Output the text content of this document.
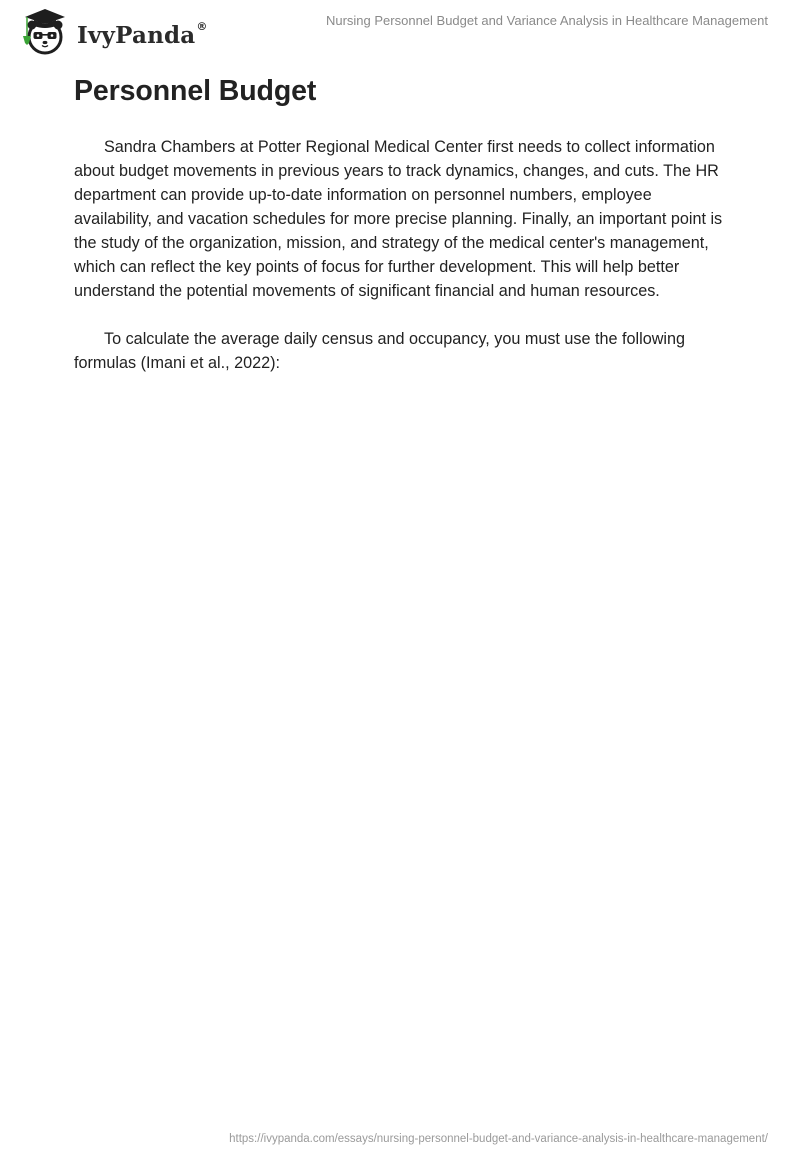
IvyPanda®	Nursing Personnel Budget and Variance Analysis in Healthcare Management
Personnel Budget

Sandra Chambers at Potter Regional Medical Center first needs to collect information about budget movements in previous years to track dynamics, changes, and cuts. The HR department can provide up-to-date information on personnel numbers, employee availability, and vacation schedules for more precise planning. Finally, an important point is the study of the organization, mission, and strategy of the medical center's management, which can reflect the key points of focus for further development. This will help better understand the potential movements of significant financial and human resources.

To calculate the average daily census and occupancy, you must use the following formulas (Imani et al., 2022):

https://ivypanda.com/essays/nursing-personnel-budget-and-variance-analysis-in-healthcare-management/
